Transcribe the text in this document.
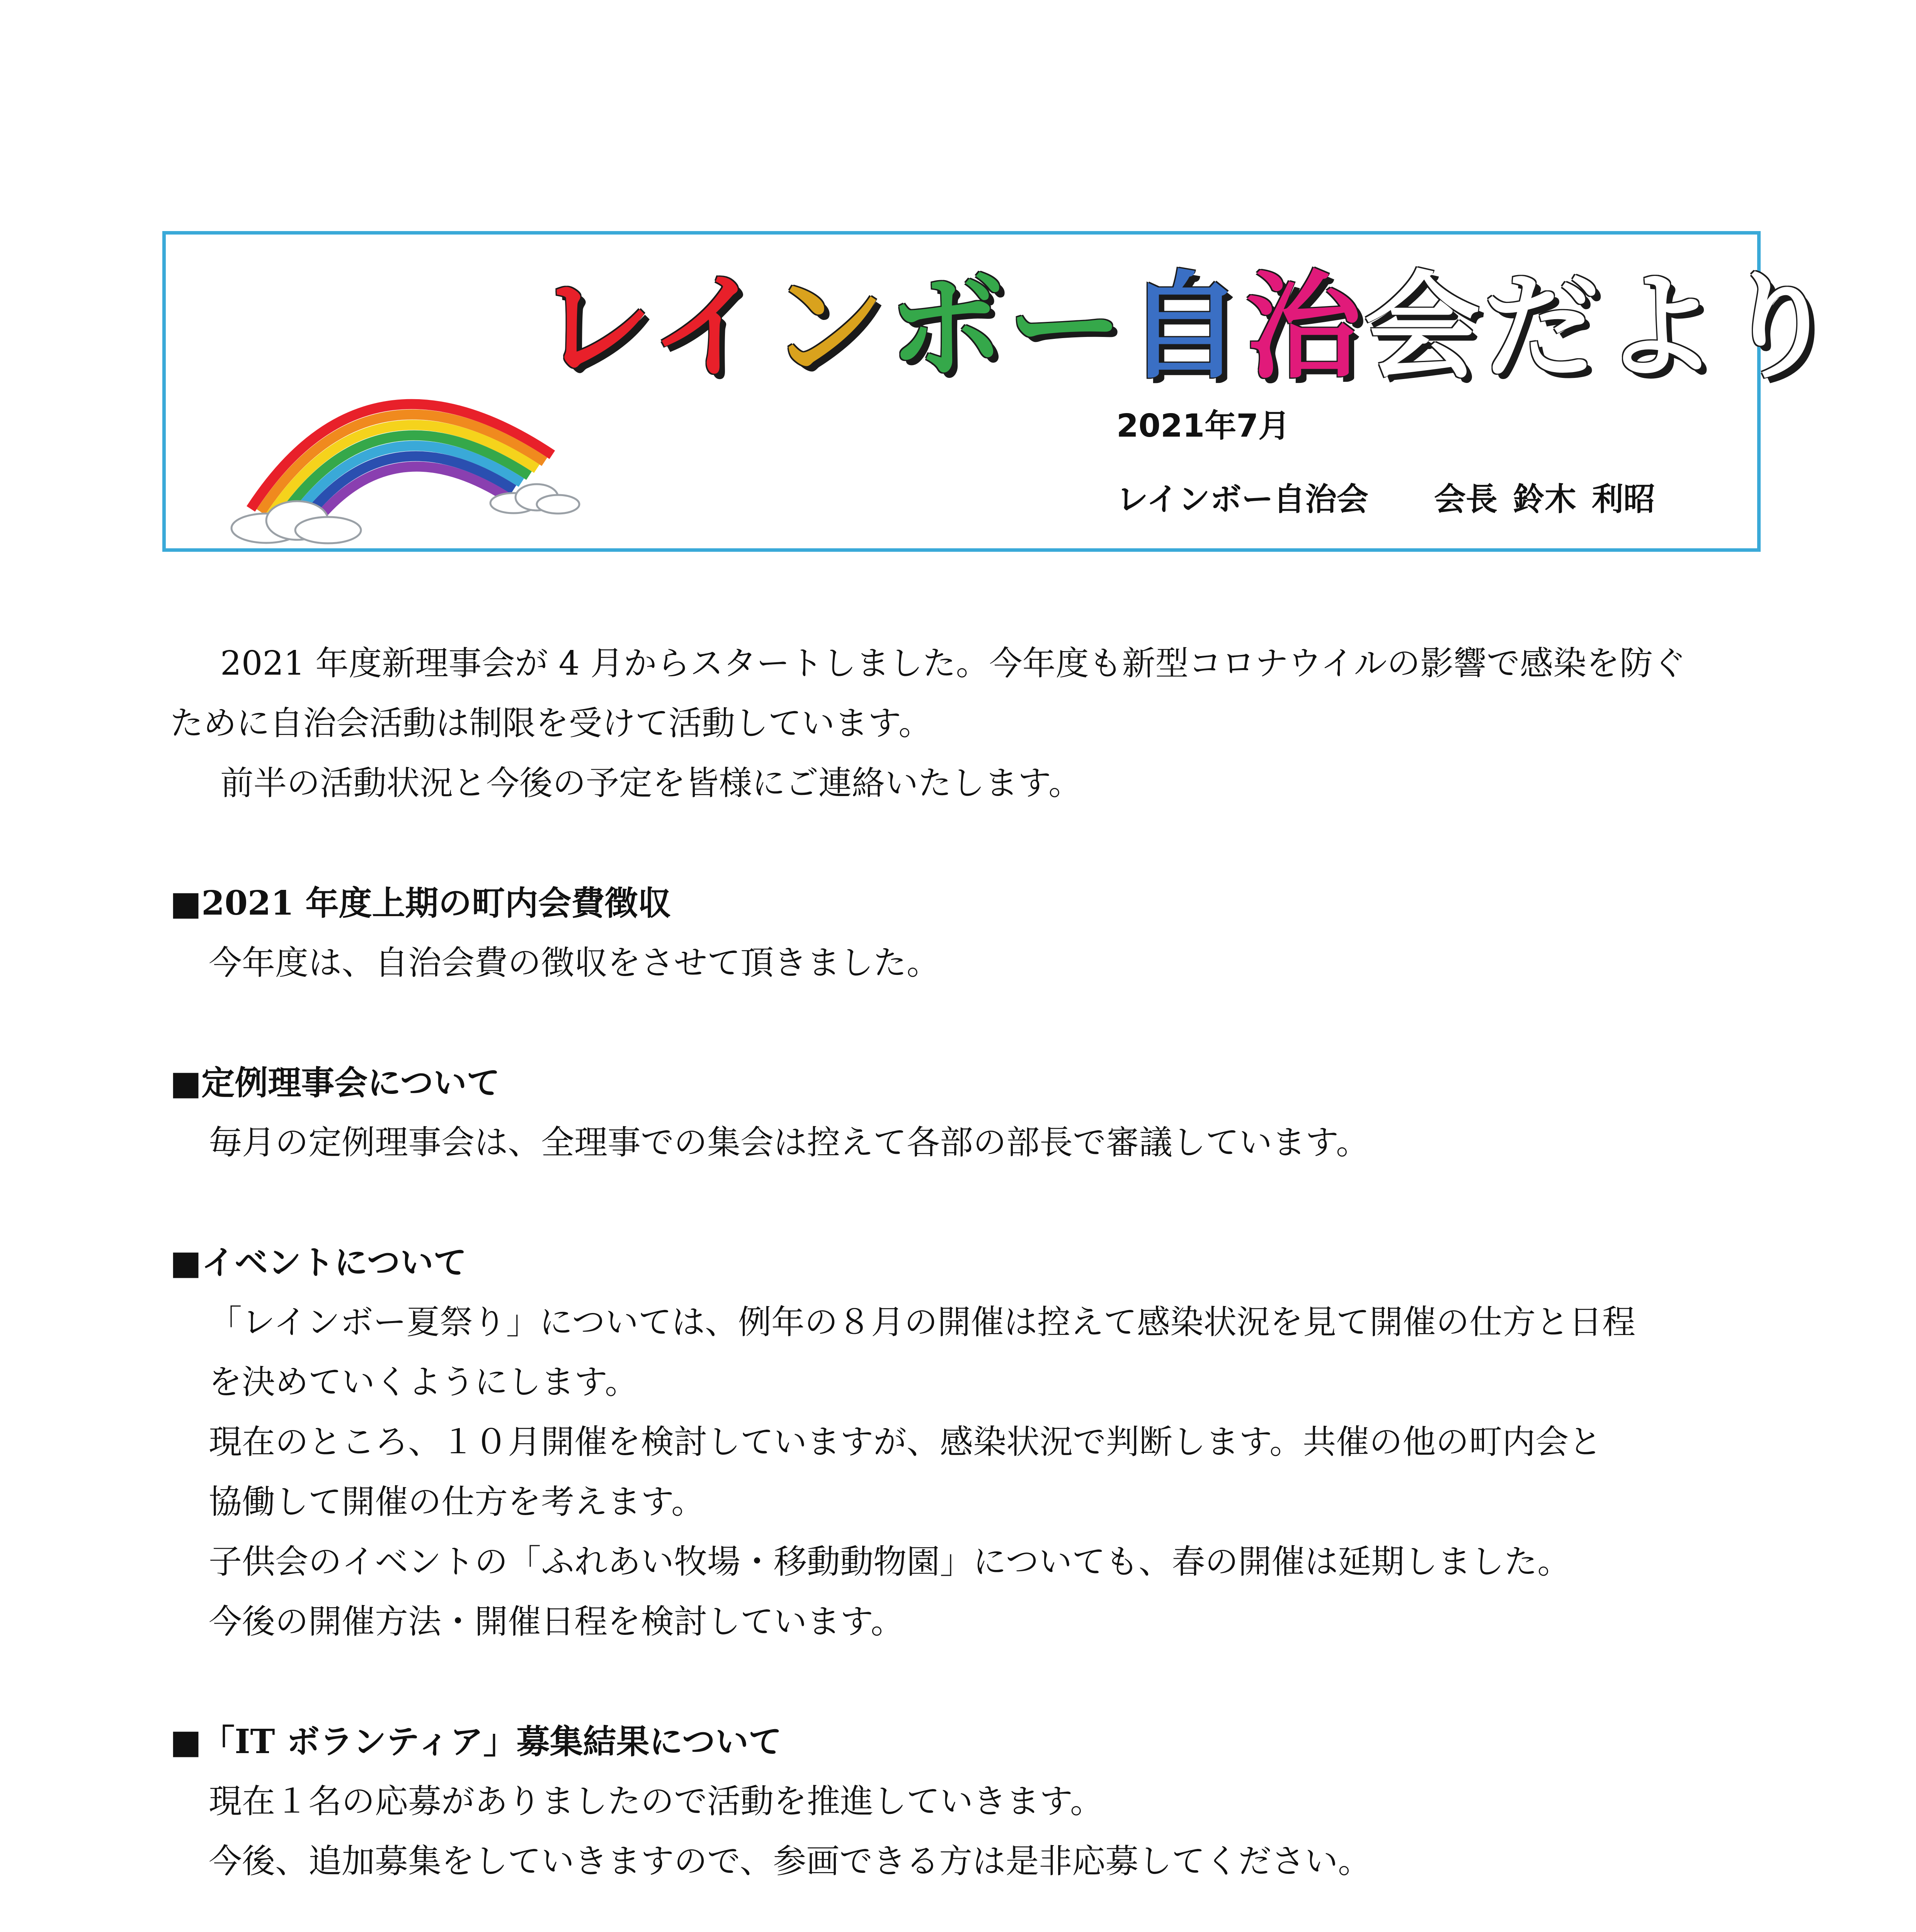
レインボー自治会だより
2021年7月
レインボー自治会 会長 鈴木 利昭

2021 年度新理事会が 4 月からスタートしました。今年度も新型コロナウイルの影響で感染を防ぐ

ために自治会活動は制限を受けて活動しています。

前半の活動状況と今後の予定を皆様にご連絡いたします。

■2021 年度上期の町内会費徴収

今年度は、自治会費の徴収をさせて頂きました。

■定例理事会について

毎月の定例理事会は、全理事での集会は控えて各部の部長で審議しています。

■イベントについて

「レインボー夏祭り」については、例年の８月の開催は控えて感染状況を見て開催の仕方と日程

を決めていくようにします。

現在のところ、１０月開催を検討していますが、感染状況で判断します。共催の他の町内会と

協働して開催の仕方を考えます。

子供会のイベントの「ふれあい牧場・移動動物園」についても、春の開催は延期しました。

今後の開催方法・開催日程を検討しています。

■「IT ボランティア」募集結果について

現在１名の応募がありましたので活動を推進していきます。

今後、追加募集をしていきますので、参画できる方は是非応募してください。
